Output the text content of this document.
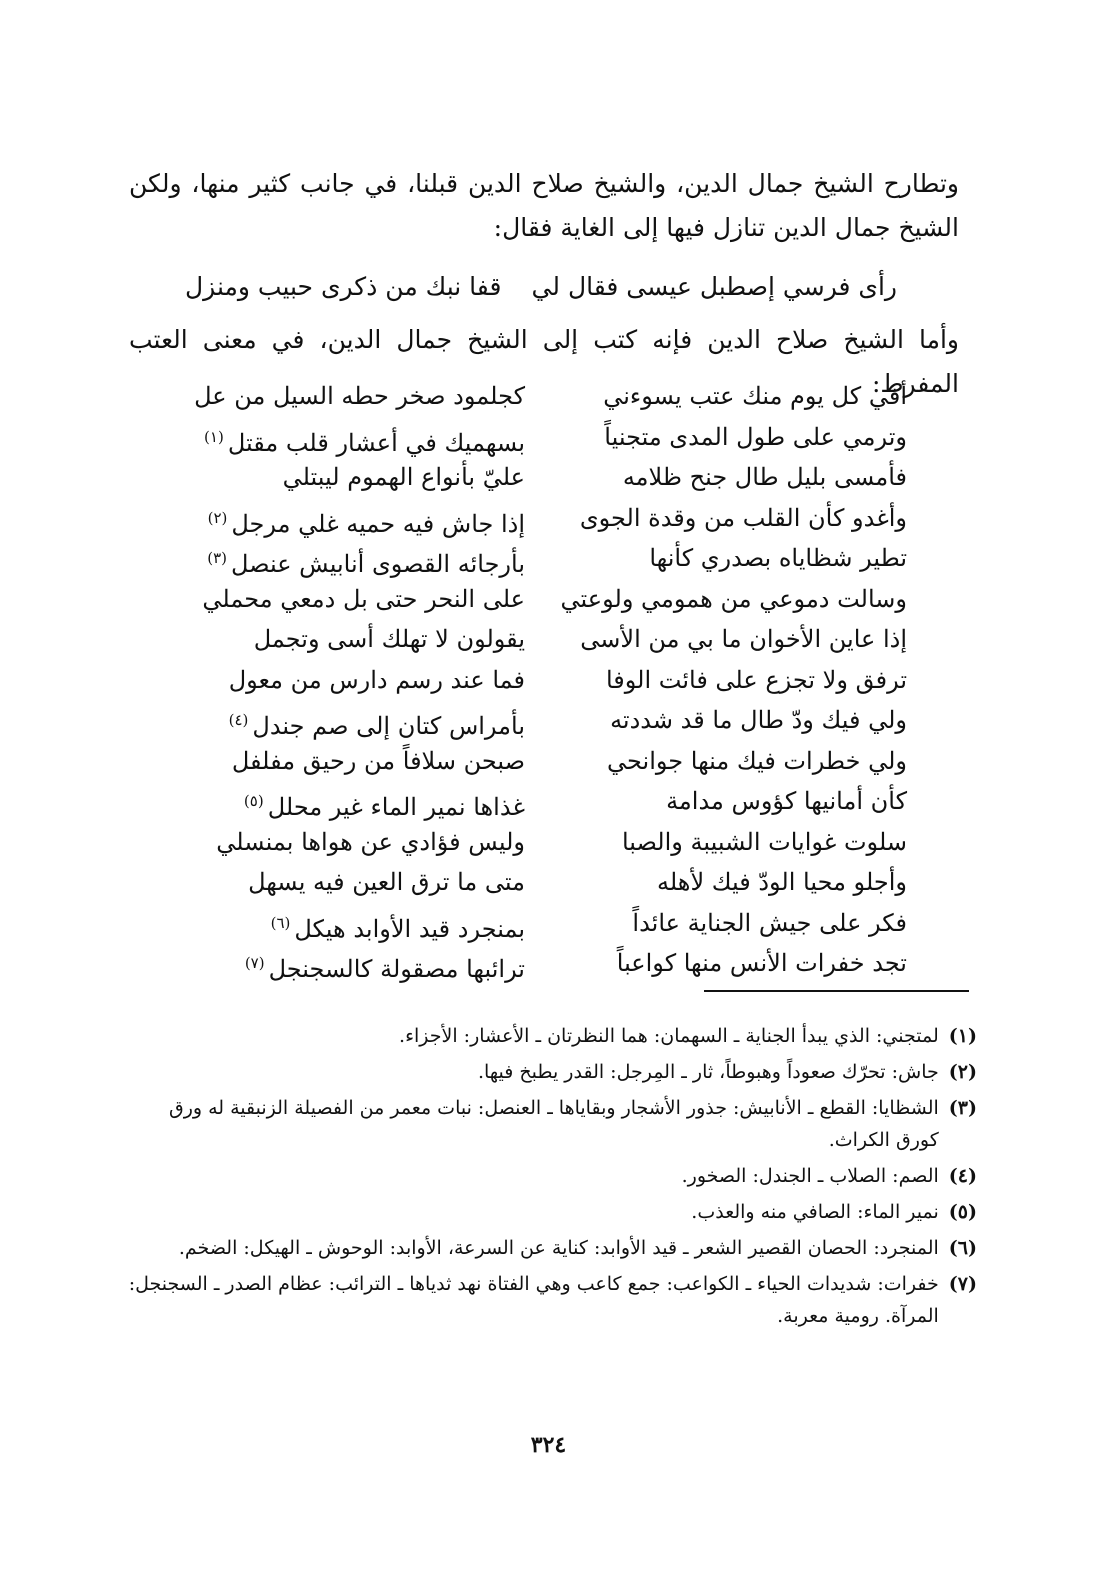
وتطارح الشيخ جمال الدين، والشيخ صلاح الدين قبلنا، في جانب كثير منها، ولكن الشيخ جمال الدين تنازل فيها إلى الغاية فقال:

رأى فرسي إصطبل عيسى فقال لي
قفا نبك من ذكرى حبيب ومنزل

وأما الشيخ صلاح الدين فإنه كتب إلى الشيخ جمال الدين، في معنى العتب المفرط:

أفي كل يوم منك عتب يسوءني
كجلمود صخر حطه السيل من عل
وترمي على طول المدى متجنياً
بسهميك في أعشار قلب مقتل$^{(١)}$
فأمسى بليل طال جنح ظلامه
عليّ بأنواع الهموم ليبتلي
وأغدو كأن القلب من وقدة الجوى
إذا جاش فيه حميه غلي مرجل$^{(٢)}$
تطير شظاياه بصدري كأنها
بأرجائه القصوى أنابيش عنصل$^{(٣)}$
وسالت دموعي من همومي ولوعتي
على النحر حتى بل دمعي محملي
إذا عاين الأخوان ما بي من الأسى
يقولون لا تهلك أسى وتجمل
ترفق ولا تجزع على فائت الوفا
فما عند رسم دارس من معول
ولي فيك ودّ طال ما قد شددته
بأمراس كتان إلى صم جندل$^{(٤)}$
ولي خطرات فيك منها جوانحي
صبحن سلافاً من رحيق مفلفل
كأن أمانيها كؤوس مدامة
غذاها نمير الماء غير محلل$^{(٥)}$
سلوت غوايات الشبيبة والصبا
وليس فؤادي عن هواها بمنسلي
وأجلو محيا الودّ فيك لأهله
متى ما ترق العين فيه يسهل
فكر على جيش الجناية عائداً
بمنجرد قيد الأوابد هيكل$^{(٦)}$
تجد خفرات الأنس منها كواعباً
ترائبها مصقولة كالسجنجل$^{(٧)}$
(١)
لمتجني: الذي يبدأ الجناية ـ السهمان: هما النظرتان ـ الأعشار: الأجزاء.
(٢)
جاش: تحرّك صعوداً وهبوطاً، ثار ـ المِرجل: القدر يطبخ فيها.
(٣)
الشظايا: القطع ـ الأنابيش: جذور الأشجار وبقاياها ـ العنصل: نبات معمر من الفصيلة الزنبقية له ورق كورق الكراث.
(٤)
الصم: الصلاب ـ الجندل: الصخور.
(٥)
نمير الماء: الصافي منه والعذب.
(٦)
المنجرد: الحصان القصير الشعر ـ قيد الأوابد: كناية عن السرعة، الأوابد: الوحوش ـ الهيكل: الضخم.
(٧)
خفرات: شديدات الحياء ـ الكواعب: جمع كاعب وهي الفتاة نهد ثدياها ـ الترائب: عظام الصدر ـ السجنجل: المرآة. رومية معربة.
٣٢٤
